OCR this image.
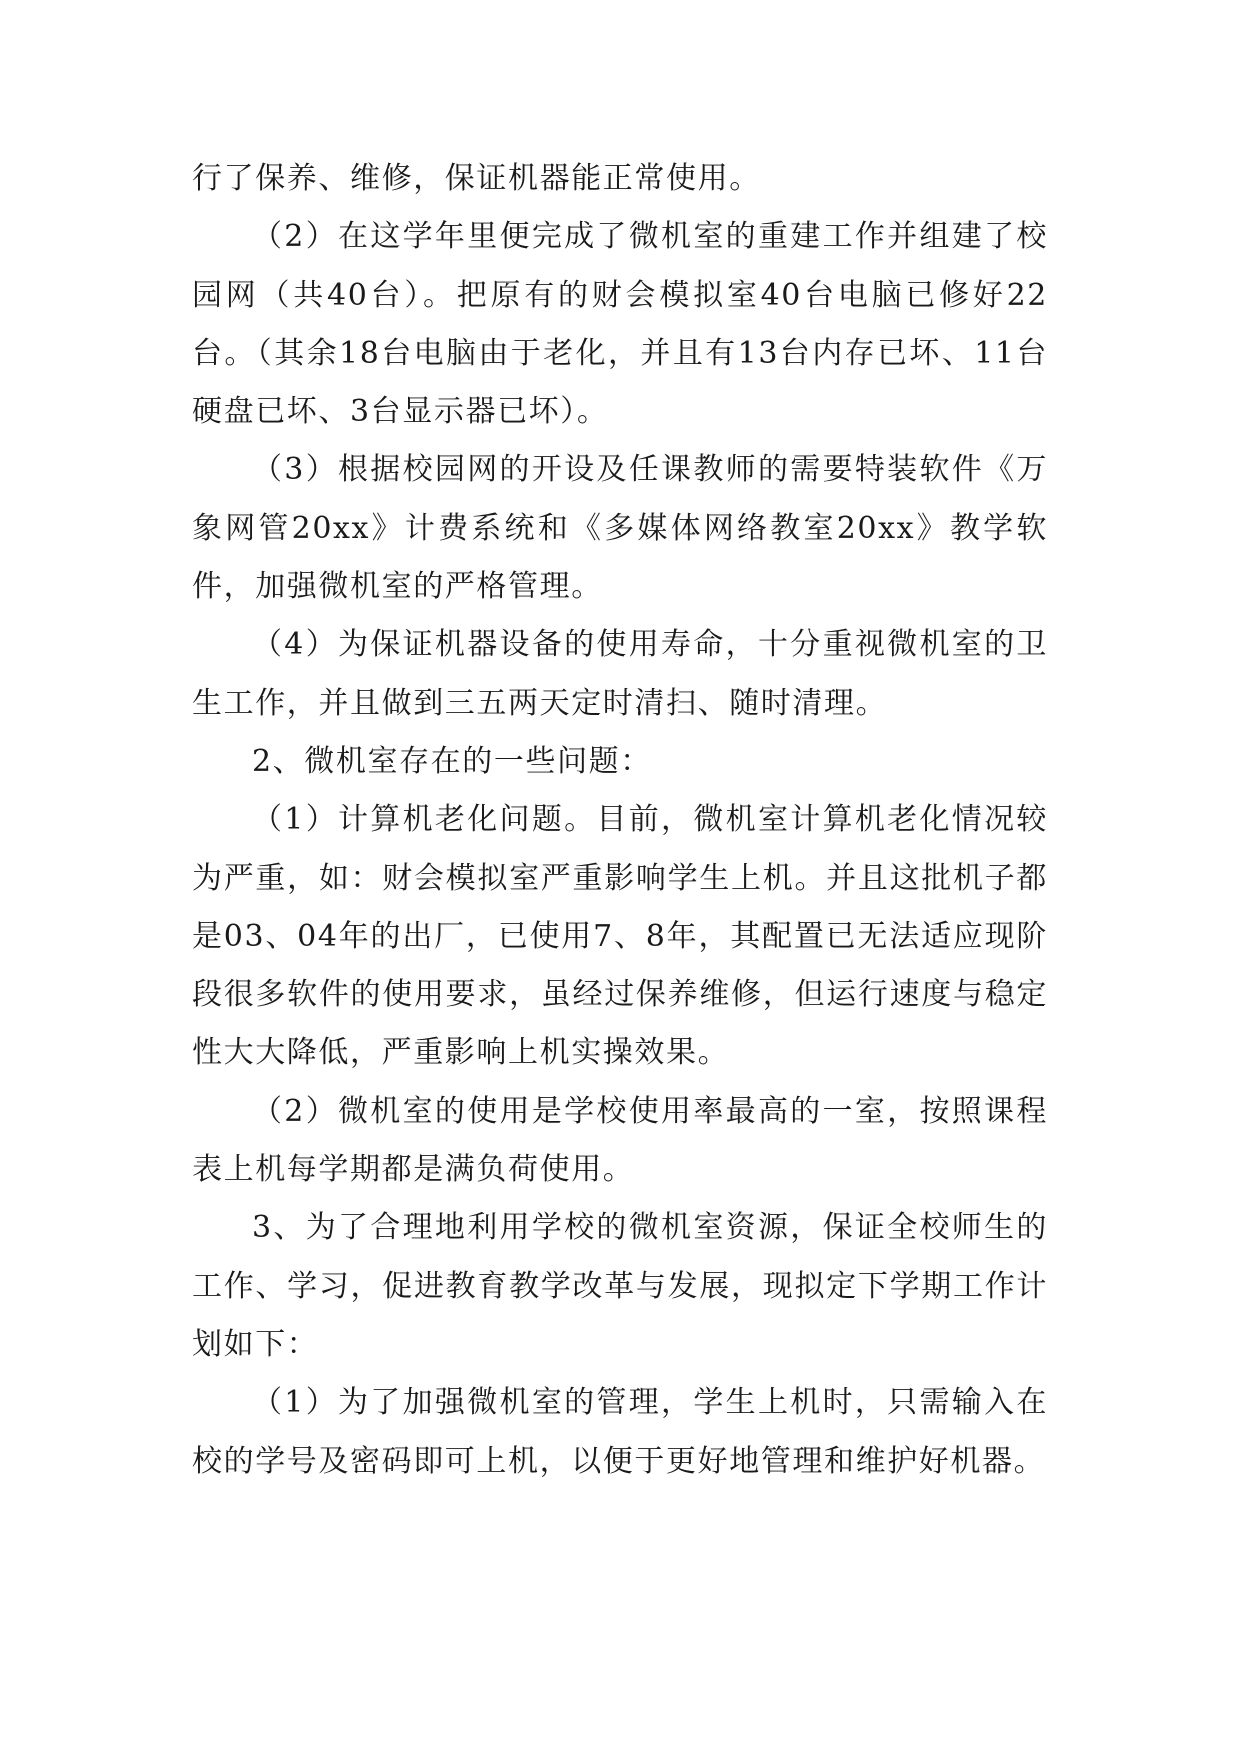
行了保养、维修，保证机器能正常使用。

（2）在这学年里便完成了微机室的重建工作并组建了校园网（共40台）。把原有的财会模拟室40台电脑已修好22台。（其余18台电脑由于老化，并且有13台内存已坏、11台硬盘已坏、3台显示器已坏）。

（3）根据校园网的开设及任课教师的需要特装软件《万象网管20xx》计费系统和《多媒体网络教室20xx》教学软件，加强微机室的严格管理。

（4）为保证机器设备的使用寿命，十分重视微机室的卫生工作，并且做到三五两天定时清扫、随时清理。

2、微机室存在的一些问题：

（1）计算机老化问题。目前，微机室计算机老化情况较为严重，如：财会模拟室严重影响学生上机。并且这批机子都是03、04年的出厂，已使用7、8年，其配置已无法适应现阶段很多软件的使用要求，虽经过保养维修，但运行速度与稳定性大大降低，严重影响上机实操效果。

（2）微机室的使用是学校使用率最高的一室，按照课程表上机每学期都是满负荷使用。

3、为了合理地利用学校的微机室资源，保证全校师生的工作、学习，促进教育教学改革与发展，现拟定下学期工作计划如下：

（1）为了加强微机室的管理，学生上机时，只需输入在校的学号及密码即可上机，以便于更好地管理和维护好机器。
